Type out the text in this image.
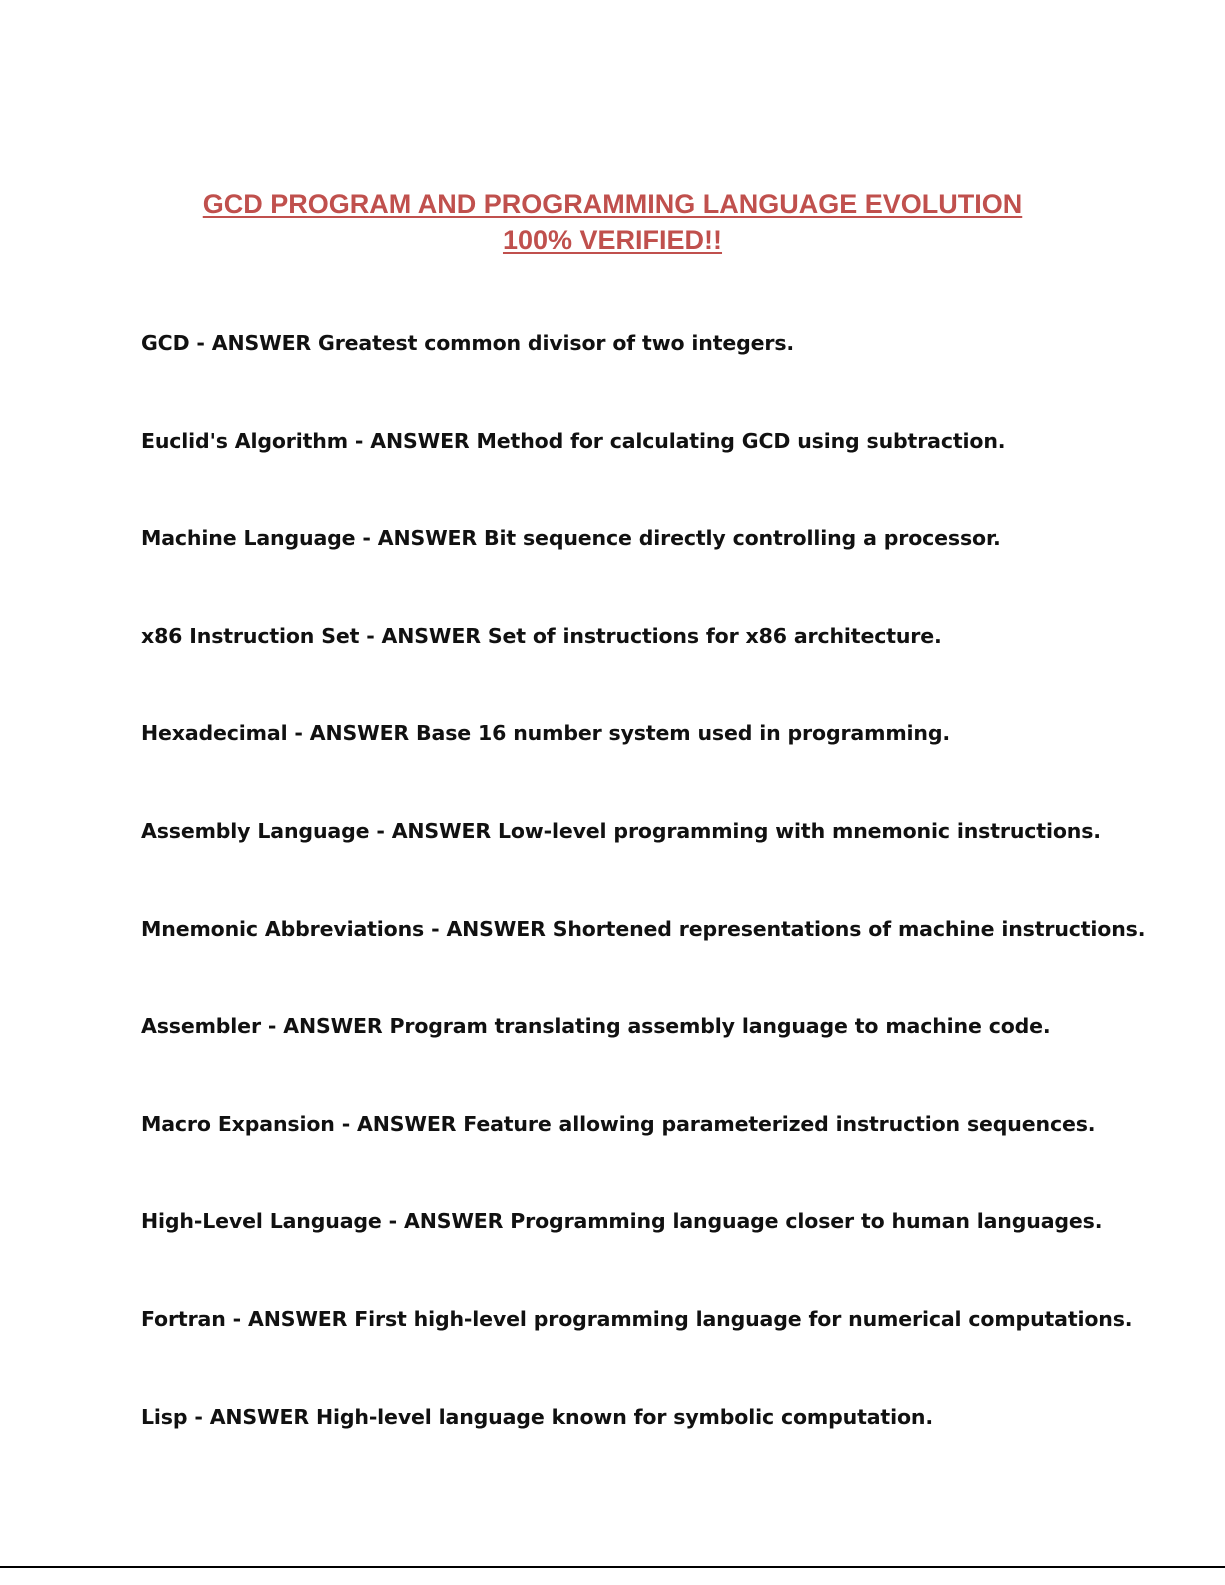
GCD PROGRAM AND PROGRAMMING LANGUAGE EVOLUTION
100% VERIFIED!!
GCD - ANSWER Greatest common divisor of two integers.
Euclid's Algorithm - ANSWER Method for calculating GCD using subtraction.
Machine Language - ANSWER Bit sequence directly controlling a processor.
x86 Instruction Set - ANSWER Set of instructions for x86 architecture.
Hexadecimal - ANSWER Base 16 number system used in programming.
Assembly Language - ANSWER Low-level programming with mnemonic instructions.
Mnemonic Abbreviations - ANSWER Shortened representations of machine instructions.
Assembler - ANSWER Program translating assembly language to machine code.
Macro Expansion - ANSWER Feature allowing parameterized instruction sequences.
High-Level Language - ANSWER Programming language closer to human languages.
Fortran - ANSWER First high-level programming language for numerical computations.
Lisp - ANSWER High-level language known for symbolic computation.
